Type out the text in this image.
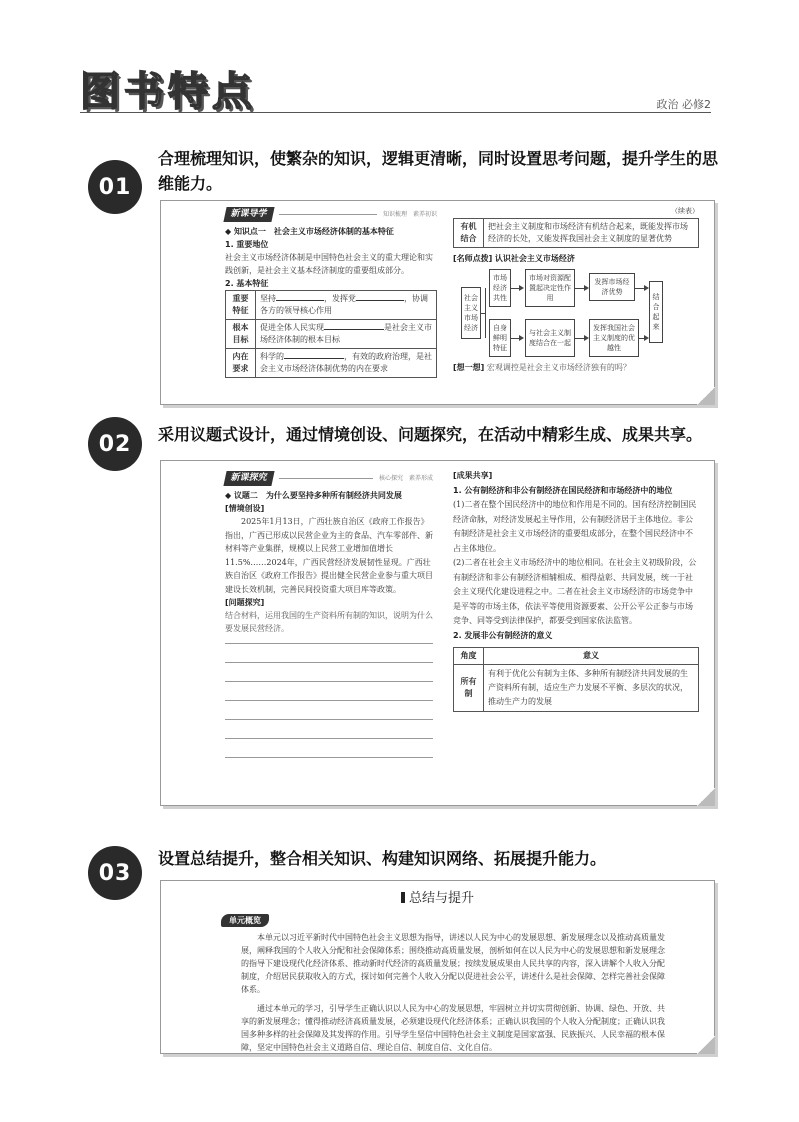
图书特点	政治 必修2
01
合理梳理知识，使繁杂的知识，逻辑更清晰，同时设置思考问题，提升学生的思维能力。
新课导学	知识梳理　素养初识
◆ 知识点一　社会主义市场经济体制的基本特征
1. 重要地位
社会主义市场经济体制是中国特色社会主义的重大理论和实践创新，是社会主义基本经济制度的重要组成部分。
2. 基本特征
重要特征	坚持 ，发挥党 ，协调各方的领导核心作用
根本目标	促进全体人民实现 是社会主义市场经济体制的根本目标
内在要求	科学的 ，有效的政府治理，是社会主义市场经济体制优势的内在要求
（续表）
有机结合	把社会主义制度和市场经济有机结合起来，既能发挥市场经济的长处，又能发挥我国社会主义制度的显著优势
[名师点拨] 认识社会主义市场经济
社会主义市场经济
市场经济共性
市场对资源配置起决定性作用
发挥市场经济优势
自身鲜明特征
与社会主义制度结合在一起
发挥我国社会主义制度的优越性
结合起来
[想一想] 宏观调控是社会主义市场经济独有的吗？
02	采用议题式设计，通过情境创设、问题探究，在活动中精彩生成、成果共享。
新课探究	核心探究　素养形成
◆ 议题二　为什么要坚持多种所有制经济共同发展
[情境创设]
2025年1月13日，广西壮族自治区《政府工作报告》指出，广西已形成以民营企业为主的食品、汽车零部件、新材料等产业集群，规模以上民营工业增加值增长11.5%……2024年，广西民营经济发展韧性显现。广西壮族自治区《政府工作报告》提出健全民营企业参与重大项目建设长效机制，完善民间投资重大项目库等政策。
[问题探究]
结合材料，运用我国的生产资料所有制的知识，说明为什么要发展民营经济。
[成果共享]
1. 公有制经济和非公有制经济在国民经济和市场经济中的地位
(1)二者在整个国民经济中的地位和作用是不同的。国有经济控制国民经济命脉，对经济发展起主导作用，公有制经济居于主体地位。非公有制经济是社会主义市场经济的重要组成部分，在整个国民经济中不占主体地位。
(2)二者在社会主义市场经济中的地位相同。在社会主义初级阶段，公有制经济和非公有制经济相辅相成、相得益彰、共同发展，统一于社会主义现代化建设进程之中。二者在社会主义市场经济的市场竞争中是平等的市场主体，依法平等使用资源要素、公开公平公正参与市场竞争、同等受到法律保护，都要受到国家依法监管。
2. 发展非公有制经济的意义
角度	意义
所有制	有利于优化公有制为主体、多种所有制经济共同发展的生产资料所有制，适应生产力发展不平衡、多层次的状况，推动生产力的发展
03
设置总结提升，整合相关知识、构建知识网络、拓展提升能力。
总结与提升
单元概览
本单元以习近平新时代中国特色社会主义思想为指导，讲述以人民为中心的发展思想、新发展理念以及推动高质量发展，阐释我国的个人收入分配和社会保障体系；围绕推动高质量发展，剖析如何在以人民为中心的发展思想和新发展理念的指导下建设现代化经济体系、推动新时代经济的高质量发展；按续发展成果由人民共享的内容，深入讲解个人收入分配制度，介绍居民获取收入的方式，探讨如何完善个人收入分配以促进社会公平，讲述什么是社会保障、怎样完善社会保障体系。
通过本单元的学习，引导学生正确认识以人民为中心的发展思想，牢固树立并切实贯彻创新、协调、绿色、开放、共享的新发展理念；懂得推动经济高质量发展，必须建设现代化经济体系；正确认识我国的个人收入分配制度；正确认识我国多种多样的社会保障及其发挥的作用。引导学生坚信中国特色社会主义制度是国家富强、民族振兴、人民幸福的根本保障，坚定中国特色社会主义道路自信、理论自信、制度自信、文化自信。
